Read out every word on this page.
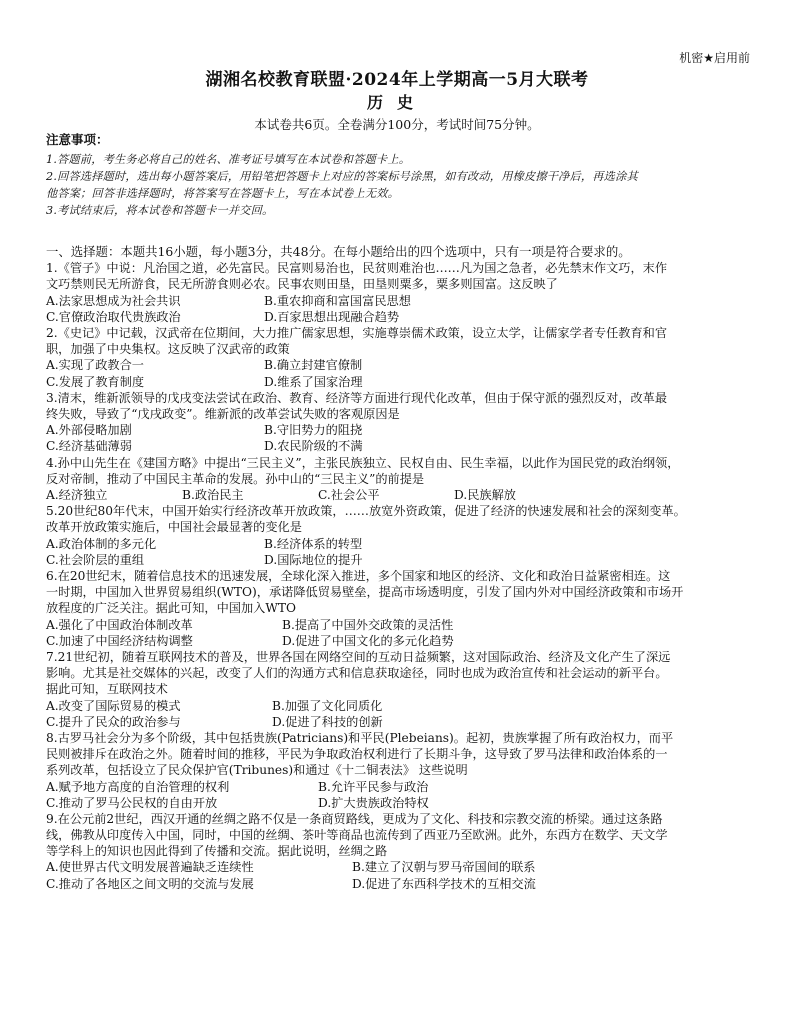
机密★启用前
湖湘名校教育联盟·2024年上学期高一5月大联考
历史
本试卷共6页。全卷满分100分，考试时间75分钟。
注意事项：
1.答题前，考生务必将自己的姓名、准考证号填写在本试卷和答题卡上。
2.回答选择题时，选出每小题答案后，用铅笔把答题卡上对应的答案标号涂黑，如有改动，用橡皮擦干净后，再选涂其
他答案；回答非选择题时，将答案写在答题卡上，写在本试卷上无效。
3.考试结束后，将本试卷和答题卡一并交回。
一、选择题：本题共16小题，每小题3分，共48分。在每小题给出的四个选项中，只有一项是符合要求的。
1.《管子》中说：凡治国之道，必先富民。民富则易治也，民贫则难治也……凡为国之急者，必先禁末作文巧，末作
文巧禁则民无所游食，民无所游食则必农。民事农则田垦，田垦则粟多，粟多则国富。这反映了
A.法家思想成为社会共识	B.重农抑商和富国富民思想
C.官僚政治取代贵族政治	D.百家思想出现融合趋势
2.《史记》中记载，汉武帝在位期间，大力推广儒家思想，实施尊崇儒术政策，设立太学，让儒家学者专任教育和官
职，加强了中央集权。这反映了汉武帝的政策
A.实现了政教合一	B.确立封建官僚制
C.发展了教育制度	D.维系了国家治理
3.清末，维新派领导的戊戌变法尝试在政治、教育、经济等方面进行现代化改革，但由于保守派的强烈反对，改革最
终失败，导致了“戊戌政变”。维新派的改革尝试失败的客观原因是
A.外部侵略加剧	B.守旧势力的阻挠
C.经济基础薄弱	D.农民阶级的不满
4.孙中山先生在《建国方略》中提出“三民主义”，主张民族独立、民权自由、民生幸福，以此作为国民党的政治纲领，
反对帝制，推动了中国民主革命的发展。孙中山的“三民主义”的前提是
A.经济独立	B.政治民主	C.社会公平	D.民族解放
5.20世纪80年代末，中国开始实行经济改革开放政策，……放宽外资政策，促进了经济的快速发展和社会的深刻变革。
改革开放政策实施后，中国社会最显著的变化是
A.政治体制的多元化	B.经济体系的转型
C.社会阶层的重组	D.国际地位的提升
6.在20世纪末，随着信息技术的迅速发展，全球化深入推进，多个国家和地区的经济、文化和政治日益紧密相连。这
一时期，中国加入世界贸易组织(WTO)，承诺降低贸易壁垒，提高市场透明度，引发了国内外对中国经济政策和市场开
放程度的广泛关注。据此可知，中国加入WTO
A.强化了中国政治体制改革	B.提高了中国外交政策的灵活性
C.加速了中国经济结构调整	D.促进了中国文化的多元化趋势
7.21世纪初，随着互联网技术的普及，世界各国在网络空间的互动日益频繁，这对国际政治、经济及文化产生了深远
影响。尤其是社交媒体的兴起，改变了人们的沟通方式和信息获取途径，同时也成为政治宣传和社会运动的新平台。
据此可知，互联网技术
A.改变了国际贸易的模式	B.加强了文化同质化
C.提升了民众的政治参与	D.促进了科技的创新
8.古罗马社会分为多个阶级，其中包括贵族(Patricians)和平民(Plebeians)。起初，贵族掌握了所有政治权力，而平
民则被排斥在政治之外。随着时间的推移，平民为争取政治权利进行了长期斗争，这导致了罗马法律和政治体系的一
系列改革，包括设立了民众保护官(Tribunes)和通过《十二铜表法》 这些说明
A.赋予地方高度的自治管理的权利	B.允许平民参与政治
C.推动了罗马公民权的自由开放	D.扩大贵族政治特权
9.在公元前2世纪，西汉开通的丝绸之路不仅是一条商贸路线，更成为了文化、科技和宗教交流的桥梁。通过这条路
线，佛教从印度传入中国，同时，中国的丝绸、茶叶等商品也流传到了西亚乃至欧洲。此外，东西方在数学、天文学
等学科上的知识也因此得到了传播和交流。据此说明，丝绸之路
A.使世界古代文明发展普遍缺乏连续性	B.建立了汉朝与罗马帝国间的联系
C.推动了各地区之间文明的交流与发展	D.促进了东西科学技术的互相交流
